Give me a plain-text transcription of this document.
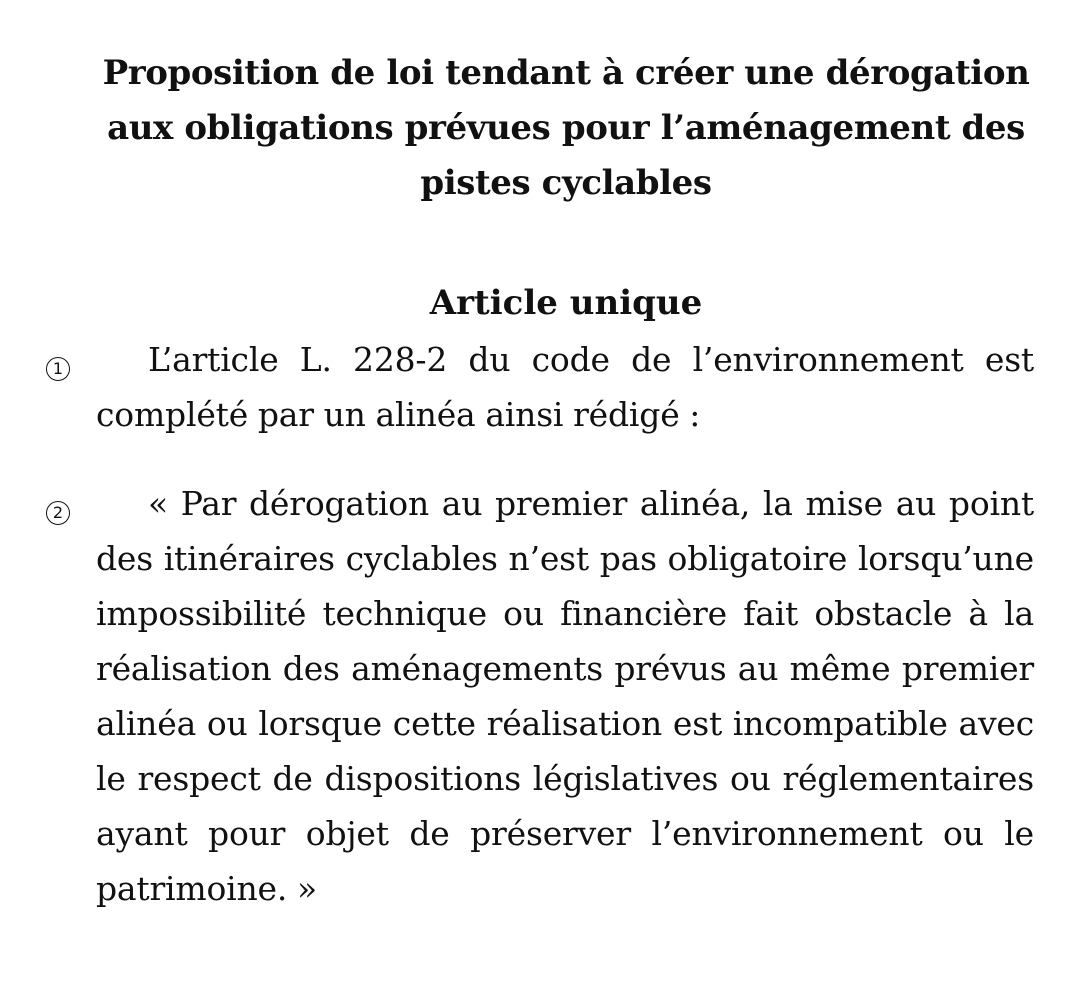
Proposition de loi tendant à créer une dérogation aux obligations prévues pour l’aménagement des pistes cyclables
Article unique
1	L’article L. 228-2 du code de l’environnement est complété par un alinéa ainsi rédigé :

2	« Par dérogation au premier alinéa, la mise au point des itinéraires cyclables n’est pas obligatoire lorsqu’une impossibilité technique ou financière fait obstacle à la réalisation des aménagements prévus au même premier alinéa ou lorsque cette réalisation est incompatible avec le respect de dispositions législatives ou réglementaires ayant pour objet de préserver l’environnement ou le patrimoine. »
